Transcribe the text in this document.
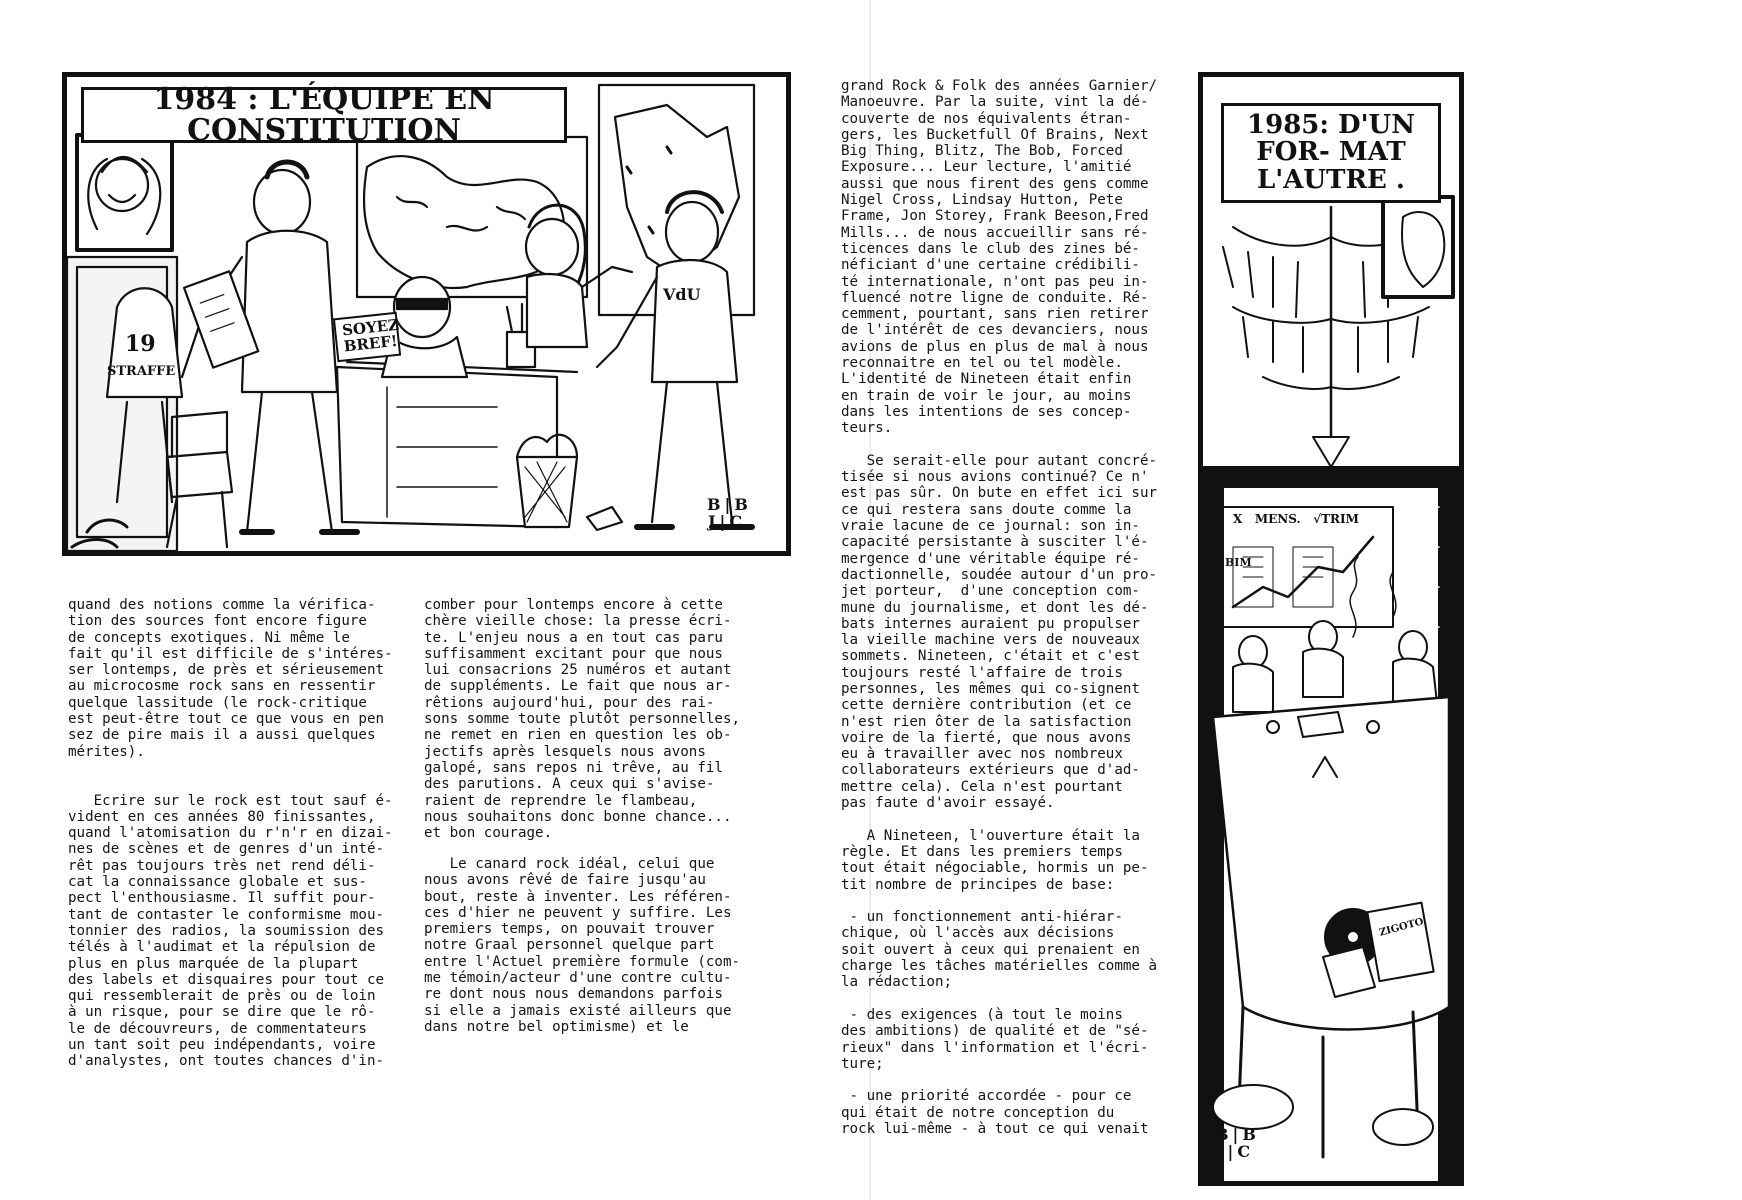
1984 : L'ÉQUIPE EN CONSTITUTION
SOYEZ BREF!
19
STRAFFE
VdU
B|B J|C
quand des notions comme la vérifica-
tion des sources font encore figure
de concepts exotiques. Ni même le
fait qu'il est difficile de s'intéres-
ser lontemps, de près et sérieusement
au microcosme rock sans en ressentir
quelque lassitude (le rock-critique
est peut-être tout ce que vous en pen
sez de pire mais il a aussi quelques
mérites).

Ecrire sur le rock est tout sauf é-
vident en ces années 80 finissantes,
quand l'atomisation du r'n'r en dizai-
nes de scènes et de genres d'un inté-
rêt pas toujours très net rend déli-
cat la connaissance globale et sus-
pect l'enthousiasme. Il suffit pour-
tant de contaster le conformisme mou-
tonnier des radios, la soumission des
télés à l'audimat et la répulsion de
plus en plus marquée de la plupart
des labels et disquaires pour tout ce
qui ressemblerait de près ou de loin
à un risque, pour se dire que le rô-
le de découvreurs, de commentateurs
un tant soit peu indépendants, voire
d'analystes, ont toutes chances d'in-
comber pour lontemps encore à cette
chère vieille chose: la presse écri-
te. L'enjeu nous a en tout cas paru
suffisamment excitant pour que nous
lui consacrions 25 numéros et autant
de suppléments. Le fait que nous ar-
rêtions aujourd'hui, pour des rai-
sons somme toute plutôt personnelles,
ne remet en rien en question les ob-
jectifs après lesquels nous avons
galopé, sans repos ni trêve, au fil
des parutions. A ceux qui s'avise-
raient de reprendre le flambeau,
nous souhaitons donc bonne chance...
et bon courage.
Le canard rock idéal, celui que
nous avons rêvé de faire jusqu'au
bout, reste à inventer. Les référen-
ces d'hier ne peuvent y suffire. Les
premiers temps, on pouvait trouver
notre Graal personnel quelque part
entre l'Actuel première formule (com-
me témoin/acteur d'une contre cultu-
re dont nous nous demandons parfois
si elle a jamais existé ailleurs que
dans notre bel optimisme) et le
grand Rock & Folk des années Garnier/
Manoeuvre. Par la suite, vint la dé-
couverte de nos équivalents étran-
gers, les Bucketfull Of Brains, Next
Big Thing, Blitz, The Bob, Forced
Exposure... Leur lecture, l'amitié
aussi que nous firent des gens comme
Nigel Cross, Lindsay Hutton, Pete
Frame, Jon Storey, Frank Beeson,Fred
Mills... de nous accueillir sans ré-
ticences dans le club des zines bé-
néficiant d'une certaine crédibili-
té internationale, n'ont pas peu in-
fluencé notre ligne de conduite. Ré-
cemment, pourtant, sans rien retirer
de l'intérêt de ces devanciers, nous
avions de plus en plus de mal à nous
reconnaitre en tel ou tel modèle.
L'identité de Nineteen était enfin
en train de voir le jour, au moins
dans les intentions de ses concep-
teurs.

Se serait-elle pour autant concré-
tisée si nous avions continué? Ce n'
est pas sûr. On bute en effet ici sur
ce qui restera sans doute comme la
vraie lacune de ce journal: son in-
capacité persistante à susciter l'é-
mergence d'une véritable équipe ré-
dactionnelle, soudée autour d'un pro-
jet porteur,  d'une conception com-
mune du journalisme, et dont les dé-
bats internes auraient pu propulser
la vieille machine vers de nouveaux
sommets. Nineteen, c'était et c'est
toujours resté l'affaire de trois
personnes, les mêmes qui co-signent
cette dernière contribution (et ce
n'est rien ôter de la satisfaction
voire de la fierté, que nous avons
eu à travailler avec nos nombreux
collaborateurs extérieurs que d'ad-
mettre cela). Cela n'est pourtant
pas faute d'avoir essayé.

A Nineteen, l'ouverture était la
règle. Et dans les premiers temps
tout était négociable, hormis un pe-
tit nombre de principes de base:

- un fonctionnement anti-hiérar-
chique, où l'accès aux décisions
soit ouvert à ceux qui prenaient en
charge les tâches matérielles comme à
la rédaction;

- des exigences (à tout le moins
des ambitions) de qualité et de "sé-
rieux" dans l'information et l'écri-
ture;

- une priorité accordée - pour ce
qui était de notre conception du
rock lui-même - à tout ce qui venait
1985: D'UN FOR- MAT L'AUTRE .
X   MENS.   √TRIM
BIM
ZIGOTO
B|B J|C
